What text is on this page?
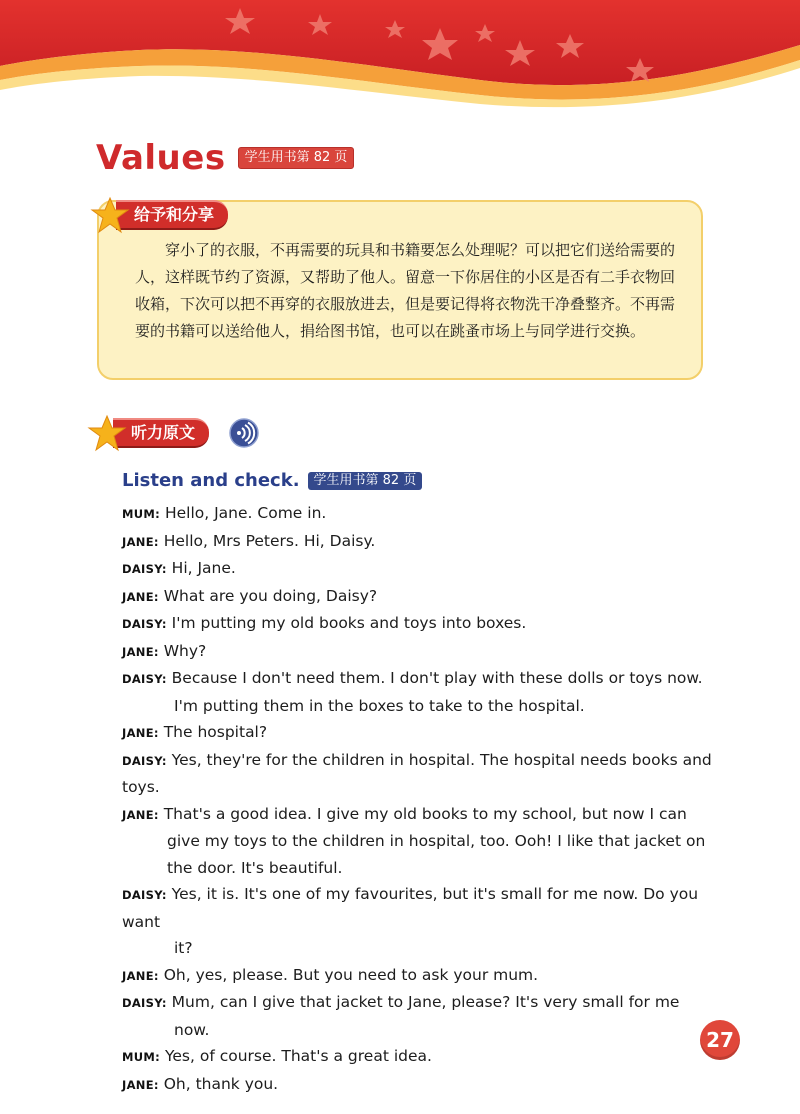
Values	学生用书第 82 页

穿小了的衣服，不再需要的玩具和书籍要怎么处理呢？可以把它们送给需要的人，这样既节约了资源，又帮助了他人。留意一下你居住的小区是否有二手衣物回收箱，下次可以把不再穿的衣服放进去，但是要记得将衣物洗干净叠整齐。不再需要的书籍可以送给他人，捐给图书馆，也可以在跳蚤市场上与同学进行交换。

给予和分享
听力原文
Listen and check.	学生用书第 82 页
MUM: Hello, Jane. Come in.
JANE: Hello, Mrs Peters. Hi, Daisy.
DAISY: Hi, Jane.
JANE: What are you doing, Daisy?
DAISY: I'm putting my old books and toys into boxes.
JANE: Why?
DAISY: Because I don't need them. I don't play with these dolls or toys now.
I'm putting them in the boxes to take to the hospital.
JANE: The hospital?
DAISY: Yes, they're for the children in hospital. The hospital needs books and toys.
JANE: That's a good idea. I give my old books to my school, but now I can
give my toys to the children in hospital, too. Ooh! I like that jacket on
the door. It's beautiful.
DAISY: Yes, it is. It's one of my favourites, but it's small for me now. Do you want
it?
JANE: Oh, yes, please. But you need to ask your mum.
DAISY: Mum, can I give that jacket to Jane, please? It's very small for me
now.
MUM: Yes, of course. That's a great idea.
JANE: Oh, thank you.
27
